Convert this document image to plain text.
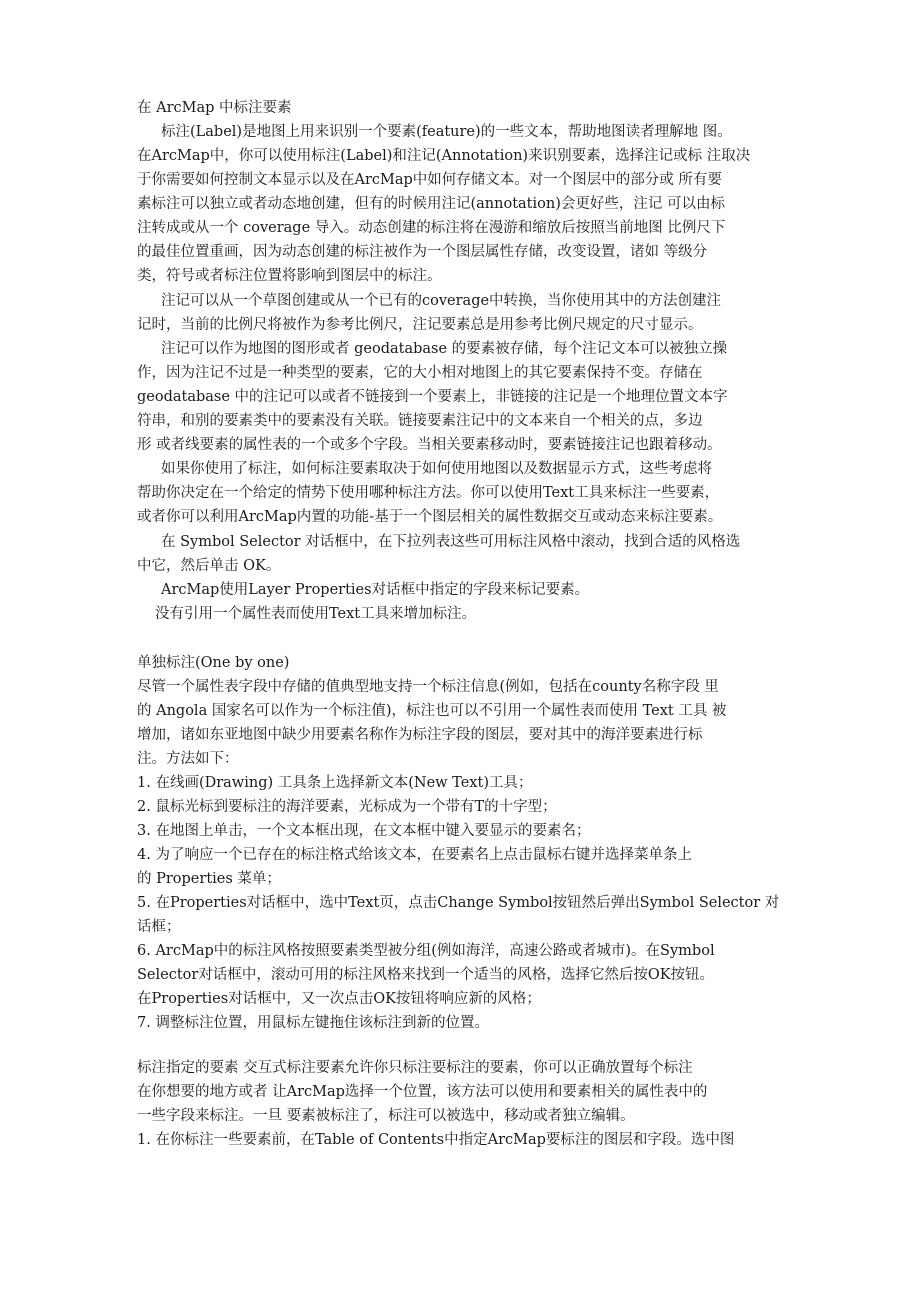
在 ArcMap 中标注要素

标注(Label)是地图上用来识别一个要素(feature)的一些文本，帮助地图读者理解地 图。

在ArcMap中，你可以使用标注(Label)和注记(Annotation)来识别要素，选择注记或标 注取决

于你需要如何控制文本显示以及在ArcMap中如何存储文本。对一个图层中的部分或 所有要

素标注可以独立或者动态地创建，但有的时候用注记(annotation)会更好些，注记 可以由标

注转成或从一个 coverage 导入。动态创建的标注将在漫游和缩放后按照当前地图 比例尺下

的最佳位置重画，因为动态创建的标注被作为一个图层属性存储，改变设置，诸如 等级分

类，符号或者标注位置将影响到图层中的标注。

注记可以从一个草图创建或从一个已有的coverage中转换，当你使用其中的方法创建注

记时，当前的比例尺将被作为参考比例尺，注记要素总是用参考比例尺规定的尺寸显示。

注记可以作为地图的图形或者 geodatabase 的要素被存储，每个注记文本可以被独立操

作，因为注记不过是一种类型的要素，它的大小相对地图上的其它要素保持不变。存储在

geodatabase 中的注记可以或者不链接到一个要素上，非链接的注记是一个地理位置文本字

符串，和别的要素类中的要素没有关联。链接要素注记中的文本来自一个相关的点，多边

形 或者线要素的属性表的一个或多个字段。当相关要素移动时，要素链接注记也跟着移动。

如果你使用了标注，如何标注要素取决于如何使用地图以及数据显示方式，这些考虑将

帮助你决定在一个给定的情势下使用哪种标注方法。你可以使用Text工具来标注一些要素，

或者你可以利用ArcMap内置的功能-基于一个图层相关的属性数据交互或动态来标注要素。

在 Symbol Selector 对话框中，在下拉列表这些可用标注风格中滚动，找到合适的风格选

中它，然后单击 OK。

ArcMap使用Layer Properties对话框中指定的字段来标记要素。

没有引用一个属性表而使用Text工具来增加标注。

单独标注(One by one)

尽管一个属性表字段中存储的值典型地支持一个标注信息(例如，包括在county名称字段 里

的 Angola 国家名可以作为一个标注值)，标注也可以不引用一个属性表而使用 Text 工具 被

增加，诸如东亚地图中缺少用要素名称作为标注字段的图层，要对其中的海洋要素进行标

注。方法如下：

1. 在线画(Drawing) 工具条上选择新文本(New Text)工具；

2. 鼠标光标到要标注的海洋要素，光标成为一个带有T的十字型；

3. 在地图上单击，一个文本框出现，在文本框中键入要显示的要素名；

4. 为了响应一个已存在的标注格式给该文本，在要素名上点击鼠标右键并选择菜单条上

的 Properties 菜单；

5. 在Properties对话框中，选中Text页，点击Change Symbol按钮然后弹出Symbol Selector 对

话框；

6. ArcMap中的标注风格按照要素类型被分组(例如海洋，高速公路或者城市)。在Symbol

Selector对话框中，滚动可用的标注风格来找到一个适当的风格，选择它然后按OK按钮。

在Properties对话框中，又一次点击OK按钮将响应新的风格；

7. 调整标注位置，用鼠标左键拖住该标注到新的位置。

标注指定的要素 交互式标注要素允许你只标注要标注的要素，你可以正确放置每个标注

在你想要的地方或者 让ArcMap选择一个位置，该方法可以使用和要素相关的属性表中的

一些字段来标注。一旦 要素被标注了，标注可以被选中，移动或者独立编辑。

1. 在你标注一些要素前，在Table of Contents中指定ArcMap要标注的图层和字段。选中图
